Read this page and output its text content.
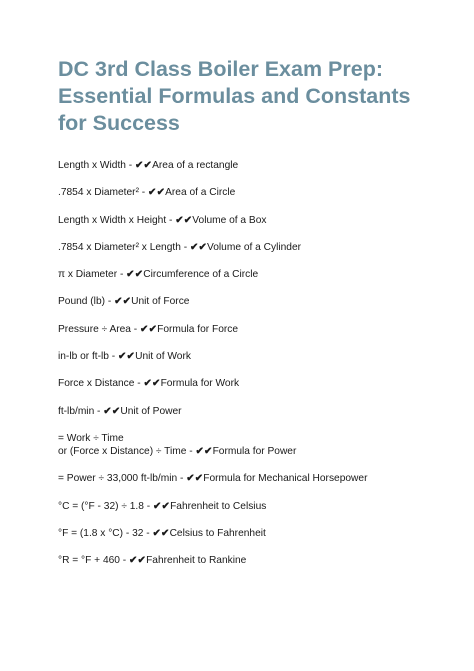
DC 3rd Class Boiler Exam Prep: Essential Formulas and Constants for Success
Length x Width - ✔✔Area of a rectangle
.7854 x Diameter² - ✔✔Area of a Circle
Length x Width x Height - ✔✔Volume of a Box
.7854 x Diameter² x Length - ✔✔Volume of a Cylinder
π x Diameter - ✔✔Circumference of a Circle
Pound (lb) - ✔✔Unit of Force
Pressure ÷ Area - ✔✔Formula for Force
in-lb or ft-lb - ✔✔Unit of Work
Force x Distance - ✔✔Formula for Work
ft-lb/min - ✔✔Unit of Power
= Work ÷ Time
or (Force x Distance) ÷ Time - ✔✔Formula for Power
= Power ÷ 33,000 ft-lb/min - ✔✔Formula for Mechanical Horsepower
°C = (°F - 32) ÷ 1.8 - ✔✔Fahrenheit to Celsius
°F = (1.8 x °C) - 32 - ✔✔Celsius to Fahrenheit
°R = °F + 460 - ✔✔Fahrenheit to Rankine
